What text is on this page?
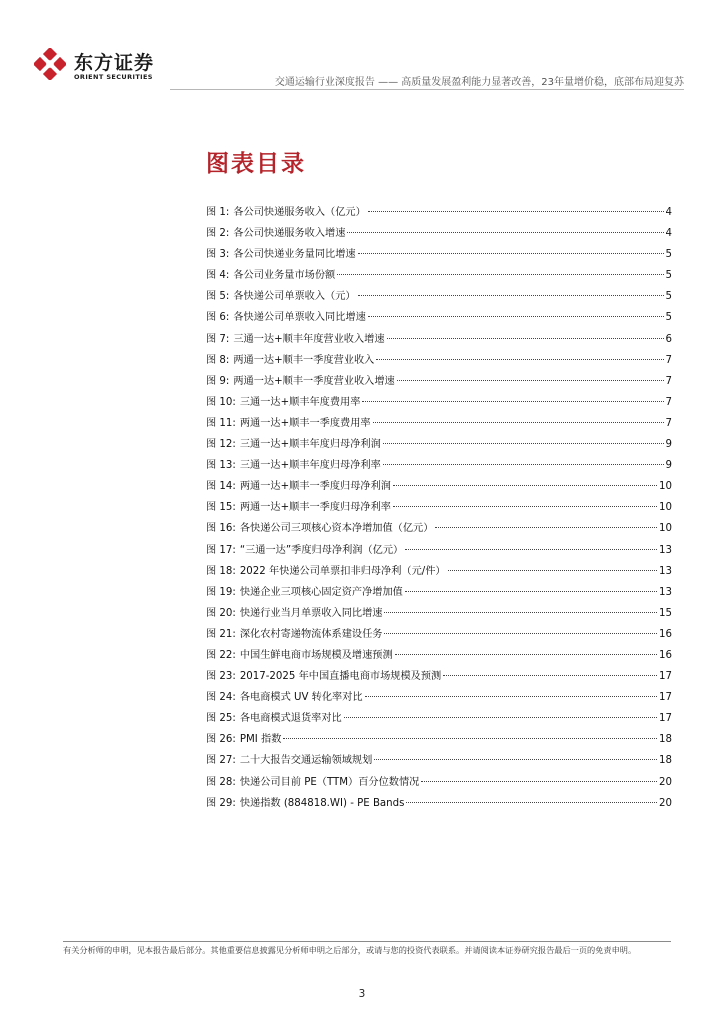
东方证券
ORIENT SECURITIES	交通运输行业深度报告 —— 高质量发展盈利能力显著改善，23年量增价稳，底部布局迎复苏
图表目录
图 1: 各公司快递服务收入（亿元）	4
图 2: 各公司快递服务收入增速	4
图 3: 各公司快递业务量同比增速	5
图 4: 各公司业务量市场份额	5
图 5: 各快递公司单票收入（元）	5
图 6: 各快递公司单票收入同比增速	5
图 7: 三通一达+顺丰年度营业收入增速	6
图 8: 两通一达+顺丰一季度营业收入	7
图 9: 两通一达+顺丰一季度营业收入增速	7
图 10: 三通一达+顺丰年度费用率	7
图 11: 两通一达+顺丰一季度费用率	7
图 12: 三通一达+顺丰年度归母净利润	9
图 13: 三通一达+顺丰年度归母净利率	9
图 14: 两通一达+顺丰一季度归母净利润	10
图 15: 两通一达+顺丰一季度归母净利率	10
图 16: 各快递公司三项核心资本净增加值（亿元）	10
图 17: “三通一达”季度归母净利润（亿元）	13
图 18: 2022 年快递公司单票扣非归母净利（元/件）	13
图 19: 快递企业三项核心固定资产净增加值	13
图 20: 快递行业当月单票收入同比增速	15
图 21: 深化农村寄递物流体系建设任务	16
图 22: 中国生鲜电商市场规模及增速预测	16
图 23: 2017-2025 年中国直播电商市场规模及预测	17
图 24: 各电商模式 UV 转化率对比	17
图 25: 各电商模式退货率对比	17
图 26: PMI 指数	18
图 27: 二十大报告交通运输领域规划	18
图 28: 快递公司目前 PE（TTM）百分位数情况	20
图 29: 快递指数 (884818.WI) - PE Bands	20
有关分析师的申明，见本报告最后部分。其他重要信息披露见分析师申明之后部分，或请与您的投资代表联系。并请阅读本证券研究报告最后一页的免责申明。
3
